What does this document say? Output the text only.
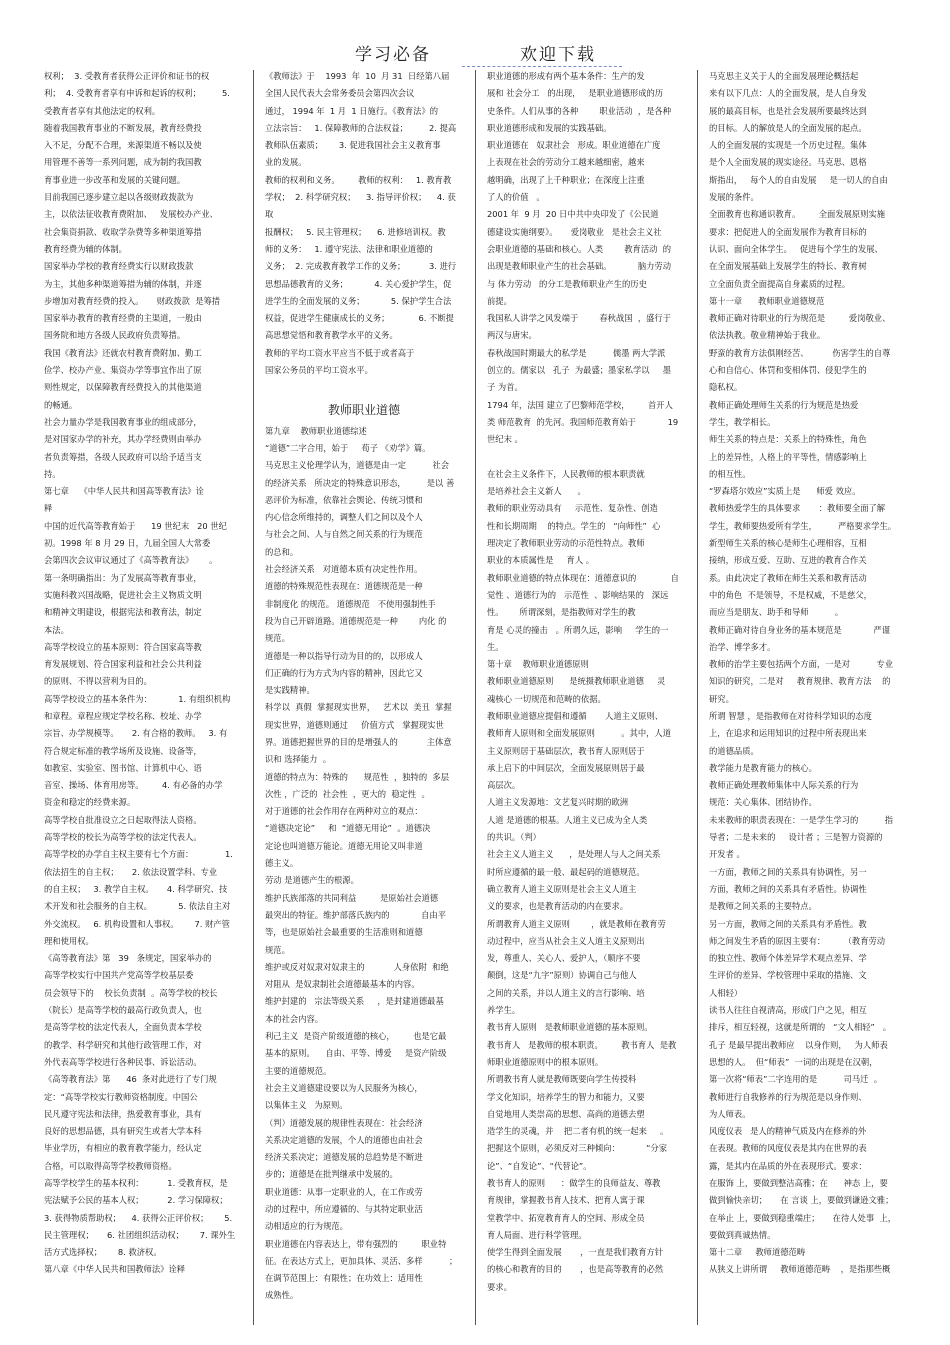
学习必备	欢迎下载

权利；  3. 受教育者获得公正评价和证书的权

利；  4. 受教育者享有申诉和起诉的权利；        5.

受教育者享有其他法定的权利。

随着我国教育事业的不断发展，教育经费投

入不足，分配不合理，来源渠道不畅以及使

用管理不善等一系列问题，成为制约我国教

育事业进一步改革和发展的关键问题。

目前我国已逐步建立起以各级财政拨款为

主，以依法征收教育费附加、   发展校办产业、

社会集资捐款、收取学杂费等多种渠道筹措

教育经费为辅的体制。

国家举办学校的教育经费实行以财政拨款

为主，其他多种渠道筹措为辅的体制，并逐

步增加对教育经费的投入。     财政拨款  是筹措

国家举办教育的教育经费的主渠道，一般由

国务院和地方各级人民政府负责筹措。

我国《教育法》还就农村教育费附加、勤工

俭学、校办产业、集资办学等事宜作出了原

则性规定，以保障教育经费投入的其他渠道

的畅通。

社会力量办学是我国教育事业的组成部分，

是对国家办学的补充，其办学经费则由举办

者负责筹措，各级人民政府可以给予适当支

持。

第七章    《中华人民共和国高等教育法》诠

释

中国的近代高等教育始于      19 世纪末   20 世纪

初。1998 年 8 月 29 日，九届全国人大常委

会第四次会议审议通过了《高等教育法》      。

第一条明确指出：为了发展高等教育事业，

实施科教兴国战略，促进社会主义物质文明

和精神文明建设，根据宪法和教育法，制定

本法。

高等学校设立的基本原则：符合国家高等教

育发展规划、符合国家利益和社会公共利益

的原则、不得以营利为目的。

高等学校设立的基本条件为：          1. 有组织机构

和章程。章程应规定学校名称、校址、办学

宗旨、办学规模等。     2. 有合格的教师。   3. 有

符合规定标准的教学场所及设施、设备等，

如教室、实验室、图书馆、计算机中心、语

音室、操场、体育用房等。       4. 有必备的办学

资金和稳定的经费来源。

高等学校自批准设立之日起取得法人资格。

高等学校的校长为高等学校的法定代表人。

高等学校的办学自主权主要有七个方面：            1.

依法招生的自主权；     2. 依法设置学科、专业

的自主权；   3. 教学自主权。     4. 科学研究、技

术开发和社会服务的自主权。          5. 依法自主对

外交流权。   6. 机构设置和人事权。      7. 财产管

理和使用权。

《高等教育法》第   39   条规定，国家举办的

高等学校实行中国共产党高等学校基层委

员会领导下的    校长负责制  。高等学校的校长

（院长）是高等学校的最高行政负责人，也

是高等学校的法定代表人，全面负责本学校

的教学、科学研究和其他行政管理工作，对

外代表高等学校进行各种民事、诉讼活动。

《高等教育法》第      46  条对此进行了专门规

定：“高等学校实行教师资格制度。中国公

民凡遵守宪法和法律，热爱教育事业，具有

良好的思想品德，具有研究生或者大学本科

毕业学历，有相应的教育教学能力，经认定

合格，可以取得高等学校教师资格。

高等学校学生的基本权利：         1. 受教育权，是

宪法赋予公民的基本人权；         2. 学习保障权；

3. 获得物质帮助权；    4. 获得公正评价权；      5.

民主管理权；     6. 社团组织活动权；      7. 课外生

活方式选择权；      8. 救济权。

第八章《中华人民共和国教师法》诠释

《教师法》于    1993  年  10  月 31  日经第八届

全国人民代表大会常务委员会第四次会议

通过， 1994 年  1 月  1 日施行。《教育法》的

立法宗旨：   1. 保障教师的合法权益；        2. 提高

教师队伍素质；      3. 促进我国社会主义教育事

业的发展。

教师的权利和义务。       教师的权利：   1. 教育教

学权；  2. 科学研究权；    3. 指导评价权；    4. 获取

报酬权；   5. 民主管理权；    6. 进修培训权。教

师的义务：   1. 遵守宪法、法律和职业道德的

义务；  2. 完成教育教学工作的义务；         3. 进行

思想品德教育的义务；          4. 关心爱护学生，促

进学生的全面发展的义务；          5. 保护学生合法

权益，促进学生健康成长的义务；           6. 不断提

高思想觉悟和教育教学水平的义务。

教师的平均工资水平应当不低于或者高于

国家公务员的平均工资水平。

教师职业道德

第九章    教师职业道德综述

“道德”二字合用，始于     荀子 《劝学》篇。

马克思主义伦理学认为，道德是由一定          社会

的经济关系   所决定的特殊意识形态，        是以 善

恶评价为标准，依靠社会舆论、传统习惯和

内心信念所维持的，调整人们之间以及个人

与社会之间、人与自然之间关系的行为规范

的总和。

社会经济关系   对道德本质有决定性作用。

道德的特殊规范性表现在：道德规范是一种

非制度化 的规范。 道德规范   不使用强制性手

段为自己开辟道路。道德规范是一种        内化 的

规范。

道德是一种以指导行动为目的的，以形成人

们正确的行为方式为内容的精神，因此它又

是实践精神。

科学以  真假  掌握现实世界，   艺术以  美丑  掌握

现实世界，道德则通过     价值方式   掌握现实世

界。道德把握世界的目的是增强人的           主体意

识和 选择能力  。

道德的特点为：特殊的      规范性  ，独特的  多层

次性 ，广泛的  社会性  ，更大的  稳定性  。

对于道德的社会作用存在两种对立的观点：

“道德决定论”     和  “道德无用论”  。道德决

定论也叫道德万能论。道德无用论又叫非道

德主义。

劳动 是道德产生的根源。

维护氏族部落的共同利益         是原始社会道德

最突出的特征。维护部落氏族内的            自由平

等，也是原始社会最重要的生活准则和道德

规范。

维护或反对奴隶对奴隶主的           人身依附  和绝

对阻从  是奴隶制社会道德最基本的内容。

维护封建的   宗法等级关系     ，是封建道德最基

本的社会内容。

利己主义  是资产阶级道德的核心，       也是它最

基本的原则。    自由、平等、博爱     是资产阶级

主要的道德规范。

社会主义道德建设要以为人民服务为核心，

以集体主义   为原则。

（判）道德发展的规律性表现在：社会经济

关系决定道德的发展，个人的道德也由社会

经济关系决定；道德发展的总趋势是不断进

步的；道德是在批判继承中发展的。

职业道德：从事一定职业的人，在工作或劳

动的过程中，所应遵循的、与其特定职业活

动相适应的行为规范。

职业道德在内容表达上，带有强烈的         职业特

征。在表达方式上，更加具体、灵活、多样          ；

在调节范围上：有限性；在功效上：适用性

成熟性。

职业道德的形成有两个基本条件：生产的发

展和 社会分工   的出现，   是职业道德形成的历

史条件。人们从事的各种        职业活动  ，是各种

职业道德形成和发展的实践基础。

职业道德在   奴隶社会   形成。职业道德在广度

上表现在社会的劳动分工越来越细密，越来

越明确，出现了上千种职业；在深度上注重

了人的价值   。

2001 年  9 月  20 日中共中央印发了《公民道

德建设实施纲要》。     爱岗敬业   是社会主义社

会职业道德的基础和核心。人类        教育活动  的

出现是教师职业产生的社会基础。          脑力劳动

与 体力劳动   的分工是教师职业产生的历史

前提。

我国私人讲学之风发端于        春秋战国  ，盛行于

两汉与唐宋。

春秋战国时期最大的私学是          儒墨 两大学派

创立的。儒家以   孔子  为最盛；墨家私学以     墨

子 为首。

1794 年，法国 建立了巴黎师范学校，       首开人

类 师范教育  的先河。我国师范教育始于            19

世纪末 。

在社会主义条件下，人民教师的根本职责就

是培养社会主义新人      。

教师的职业劳动具有     示范性、复杂性、创造

性和长期周期    的特点。学生的   “向师性”  心

理决定了教师职业劳动的示范性特点。教师

职业的本质属性是     育人 。

教师职业道德的特点体现在：道德意识的             自

觉性 、道德行为的   示范性  、影响结果的   深远

性。      所谓深刻，是指教师对学生的教

育是 心灵的撞击   。所谓久远，影响     学生的一

生。

第十章    教师职业道德原则

教师职业道德原则      是统摄教师职业道德     灵

魂核心 一切规范和范畴的依据。

教师职业道德应提倡和遵循       人道主义原则、

教师育人原则和全面发展原则          。其中，人道

主义原则居于基础层次，教书育人原则居于

承上启下的中间层次，全面发展原则居于最

高层次。

人道主义发源地：文艺复兴时期的欧洲

人道 是道德的根基。人道主义已成为全人类

的共识。（判）

社会主义人道主义      ，是处理人与人之间关系

时所应遵循的最一般、最起码的道德规范。

确立教育人道主义原则是社会主义人道主

义的要求，也是教育活动的内在要求。

所谓教育人道主义原则        ，就是教师在教育劳

动过程中，应当从社会主义人道主义原则出

发，尊重人、关心人、爱护人，（顺序不要

颠倒，这是“九字”原则）协调自己与他人

之间的关系，并以人道主义的言行影响、培

养学生。

教书育人原则   是教师职业道德的基本原则。

教书育人   是教师的根本职责。       教书育人  是教

师职业道德原则中的根本原则。

所谓教书育人就是教师既要向学生传授科

学文化知识，培养学生的智力和能力，又要

自觉地用人类崇高的思想、高尚的道德去塑

造学生的灵魂，并    把二者有机的统一起来     。

把握这个原则，必须反对三种倾向：          “分家

论”、“自发论”、“代替论”。

教书育人的原则      ：做学生的良师益友、尊教

育规律，掌握教书育人技术、把育人寓于课

堂教学中、拓宽教育育人的空间、形成全员

育人局面、进行科学管理。

使学生得到全面发展       ，一直是我们教育方针

的核心和教育的目的       ，也是高等教育的必然

要求。

马克思主义关于人的全面发展理论概括起

来有以下几点：人的全面发展，是人自身发

展的最高目标，也是社会发展所要最终达到

的目标。人的解放是人的全面发展的起点。

人的全面发展的实现是一个历史过程。集体

是个人全面发展的现实途径。马克思、恩格

斯指出，   每个人的自由发展     是一切人的自由

发展的条件。

全面教育也称通识教育。       全面发展原则实施

要求：把促进人的全面发展作为教育目标的

认识、面向全体学生。   促进每个学生的发展、

在全面发展基础上发展学生的特长、教育树

立全面负责全面提高自身素质的过程。

第十一章      教师职业道德规范

教师正确对待职业的行为规范是         爱岗敬业、

依法执教。敬业精神始于我业。

野蛮的教育方法俱刚经苦、         伤害学生的自尊

心和自信心、体罚和变相体罚、侵犯学生的

隐私权。

教师正确处理师生关系的行为规范是热爱

学生，教学相长。

师生关系的特点是：关系上的特殊性，角色

上的差异性，人格上的平等性，情感影响上

的相互性。

“罗森塔尔效应”实质上是      师爱 效应。

教师热爱学生的具体要求       ：教师要全面了解

学生，教师要热爱所有学生，        严格要求学生。

新型师生关系的核心是师生心理相容，互相

接纳，形成互爱、互助、互进的教育合作关

系。由此决定了教师在师生关系和教育活动

中的角色  不是领导，不是权威，不是慈父，

而应当是朋友、助手和导师          。

教师正确对待自身业务的基本规范是            严谨

治学、博学多才。

教师的治学主要包括两个方面，一是对          专业

知识的研究，二是对     教育规律、教育方法    的

研究。

所谓 智慧 ，是指教师在对待科学知识的态度

上，在追求和运用知识的过程中所表现出来

的道德品质。

教学能力是教育能力的核心。

教师正确处理教师集体中人际关系的行为

规范：关心集体、团结协作。

未来教师的职责表现在：一是学生学习的          指

导者；二是未来的     设计者 ；三是智力资源的

开发者 。

一方面，教师之间的关系具有协调性，另一

方面，教师之间的关系具有矛盾性。协调性

是教师之间关系的主要特点。

另一方面，教师之间的关系具有矛盾性。教

师之间发生矛盾的原因主要有：       （教育劳动

的独立性、教师个体差异学术观点差异、学

生评价的差异、学校管理中采取的措施、文

人相轻）

读书人往往自视清高，形成门户之见，相互

排斥，相互轻视，这就是所谓的   “文人相轻”   。

孔子 是最早提出教师应    以身作则，   为人师表

思想的人。  但“师表”  一词的出现是在汉朝，

第一次将“师表”二字连用的是          司马迁  。

教师进行自我修养的行为规范是以身作则、

为人师表。

风度仪表   是人的精神气质及内在修养的外

在表现。教师的风度仪表是其内在世界的表

露，是其内在品质的外在表现形式。要求：

在服饰 上，要做到整洁高雅；在      神态 上，要

做到愉快亲切；     在 言谈 上，要做到谦逊文雅；

在举止 上，要做到稳重端庄；     在待人处事  上，

要做到真诚热情。

第十二章     教师道德范畴

从狭义上讲所谓     教师道德范畴    ，是指那些概
